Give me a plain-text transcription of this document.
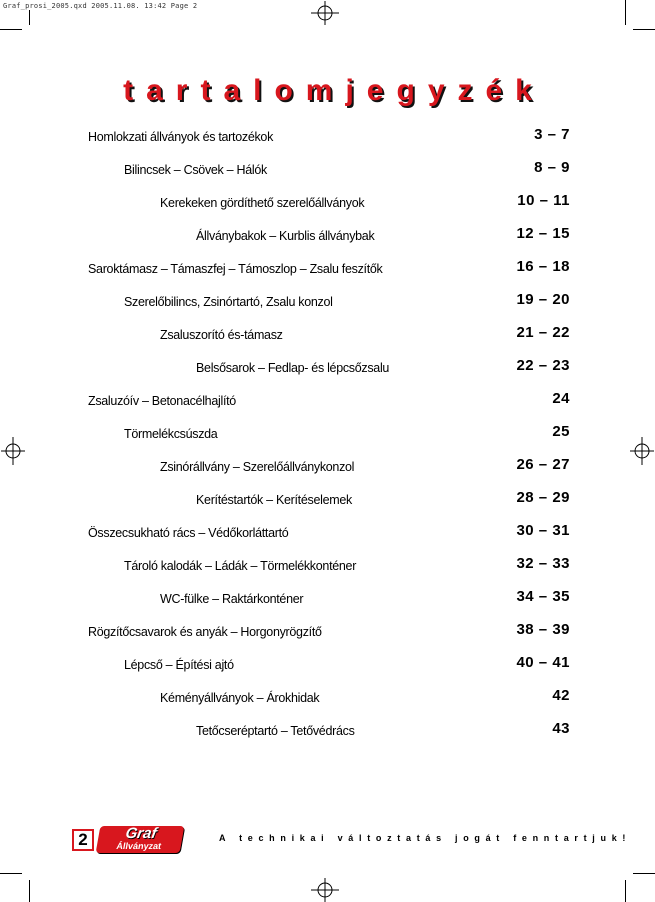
Graf_prosi_2005.qxd 2005.11.08. 13:42 Page 2
tartalomjegyzék
Homlokzati állványok és tartozékok	3 – 7
Bilincsek – Csövek – Hálók	8 – 9
Kerekeken gördíthető szerelőállványok	10 – 11
Állványbakok – Kurblis állványbak	12 – 15
Saroktámasz – Támaszfej – Támoszlop – Zsalu feszítők	16 – 18
Szerelőbilincs, Zsinórtartó, Zsalu konzol	19 – 20
Zsaluszorító és-támasz	21 – 22
Belsősarok – Fedlap- és lépcsőzsalu	22 – 23
Zsaluzóív – Betonacélhajlító	24
Törmelékcsúszda	25
Zsinórállvány – Szerelőállványkonzol	26 – 27
Kerítéstartók – Kerítéselemek	28 – 29
Összecsukható rács – Védőkorláttartó	30 – 31
Tároló kalodák – Ládák – Törmelékkonténer	32 – 33
WC-fülke – Raktárkonténer	34 – 35
Rögzítőcsavarok és anyák – Horgonyrögzítő	38 – 39
Lépcső – Építési ajtó	40 – 41
Kéményállványok – Árokhidak	42
Tetőcseréptartó – Tetővédrács	43
2	Graf
Állványzat
A technikai változtatás jogát fenntartjuk!
